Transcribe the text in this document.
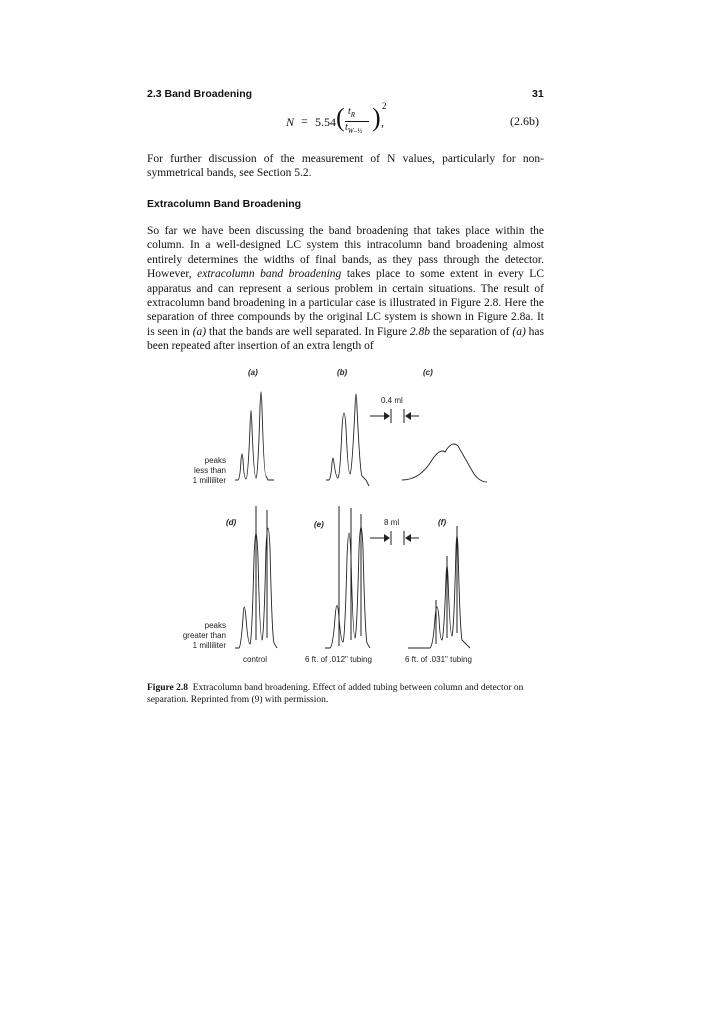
2.3 Band Broadening	31
N = 5.54 ( $t_R$
$t_{W-\frac{1}{2}}$ ) 2
,	(2.6b)
For further discussion of the measurement of N values, particularly for non-symmetrical bands, see Section 5.2.
Extracolumn Band Broadening

So far we have been discussing the band broadening that takes place within the column. In a well-designed LC system this intracolumn band broadening almost entirely determines the widths of final bands, as they pass through the detector. However, extracolumn band broadening takes place to some extent in every LC apparatus and can represent a serious problem in certain situations. The result of extracolumn band broadening in a particular case is illustrated in Figure 2.8. Here the separation of three compounds by the original LC system is shown in Figure 2.8a. It is seen in (a) that the bands are well separated. In Figure 2.8b the separation of (a) has been repeated after insertion of an extra length of

(a)	(b)	(c)
(d)	(e)	(f)
0.4 ml
8 ml
peaks
less than
1 milliliter
peaks
greater than
1 milliliter
control	6 ft. of .012" tubing	6 ft. of .031" tubing
Figure 2.8 Extracolumn band broadening. Effect of added tubing between column and detector on separation. Reprinted from (9) with permission.
